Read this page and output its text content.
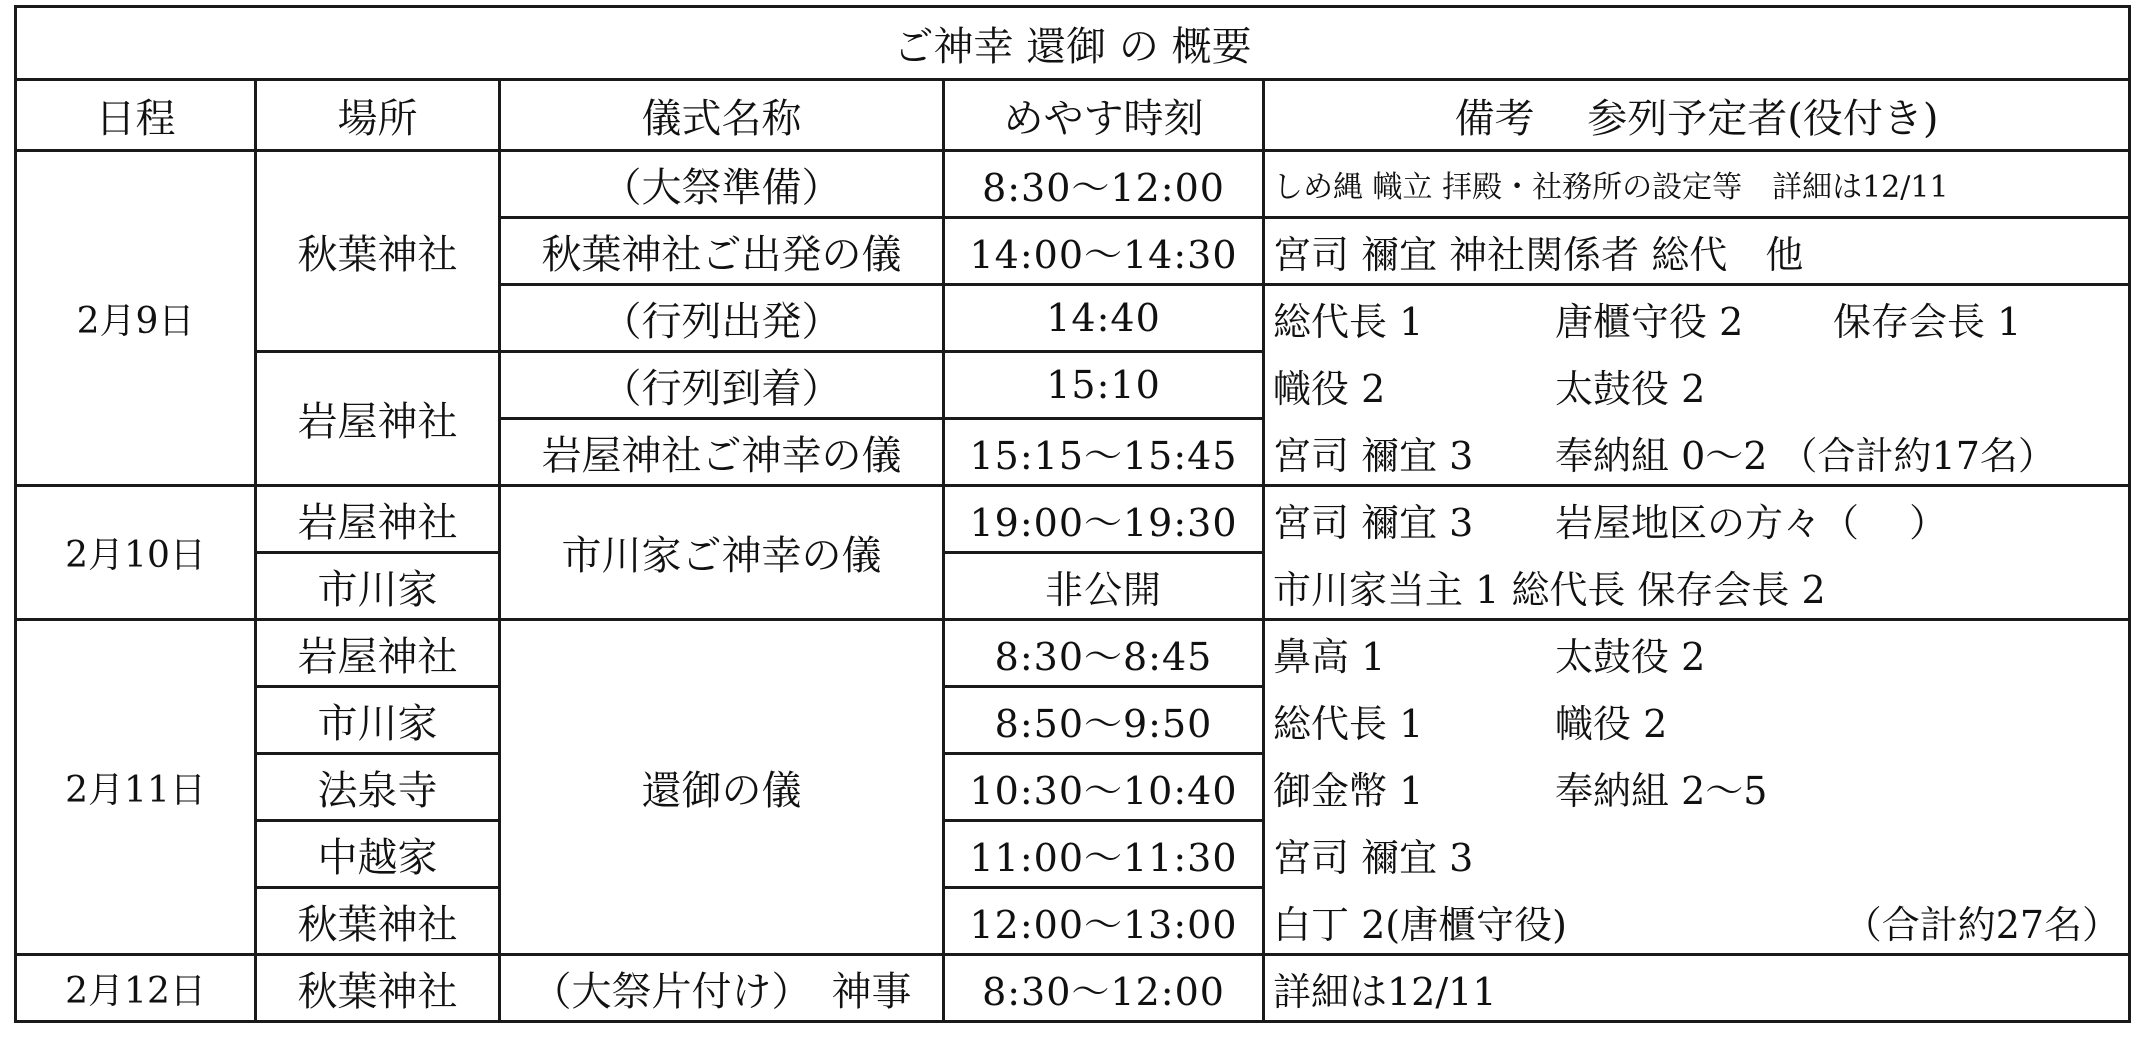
ご神幸 還御 の 概要				
日程	場所	儀式名称	めやす時刻	備考　 参列予定者(役付き)
2月9日	秋葉神社	（大祭準備）	8:30〜12:00	しめ縄 幟立 拝殿・社務所の設定等　詳細は12/11
		秋葉神社ご出発の儀	14:00〜14:30	宮司 禰宜 神社関係者 総代　他
		（行列出発）	14:40	総代長 1 唐櫃守役 2 保存会長 1

	岩屋神社	（行列到着）	15:10	幟役 2 太鼓役 2

		岩屋神社ご神幸の儀	15:15〜15:45	宮司 禰宜 3 奉納組 0〜2 （合計約17名）

2月10日	岩屋神社	市川家ご神幸の儀	19:00〜19:30	宮司 禰宜 3 岩屋地区の方々（　 ）

	市川家		非公開	市川家当主 1 総代長 保存会長 2
2月11日	岩屋神社	還御の儀	8:30〜8:45	鼻高 1 太鼓役 2

	市川家		8:50〜9:50	総代長 1 幟役 2

	法泉寺		10:30〜10:40	御金幣 1 奉納組 2〜5

	中越家		11:00〜11:30	宮司 禰宜 3

	秋葉神社		12:00〜13:00	白丁 2(唐櫃守役) （合計約27名）

2月12日	秋葉神社	（大祭片付け）　神事	8:30〜12:00	詳細は12/11
